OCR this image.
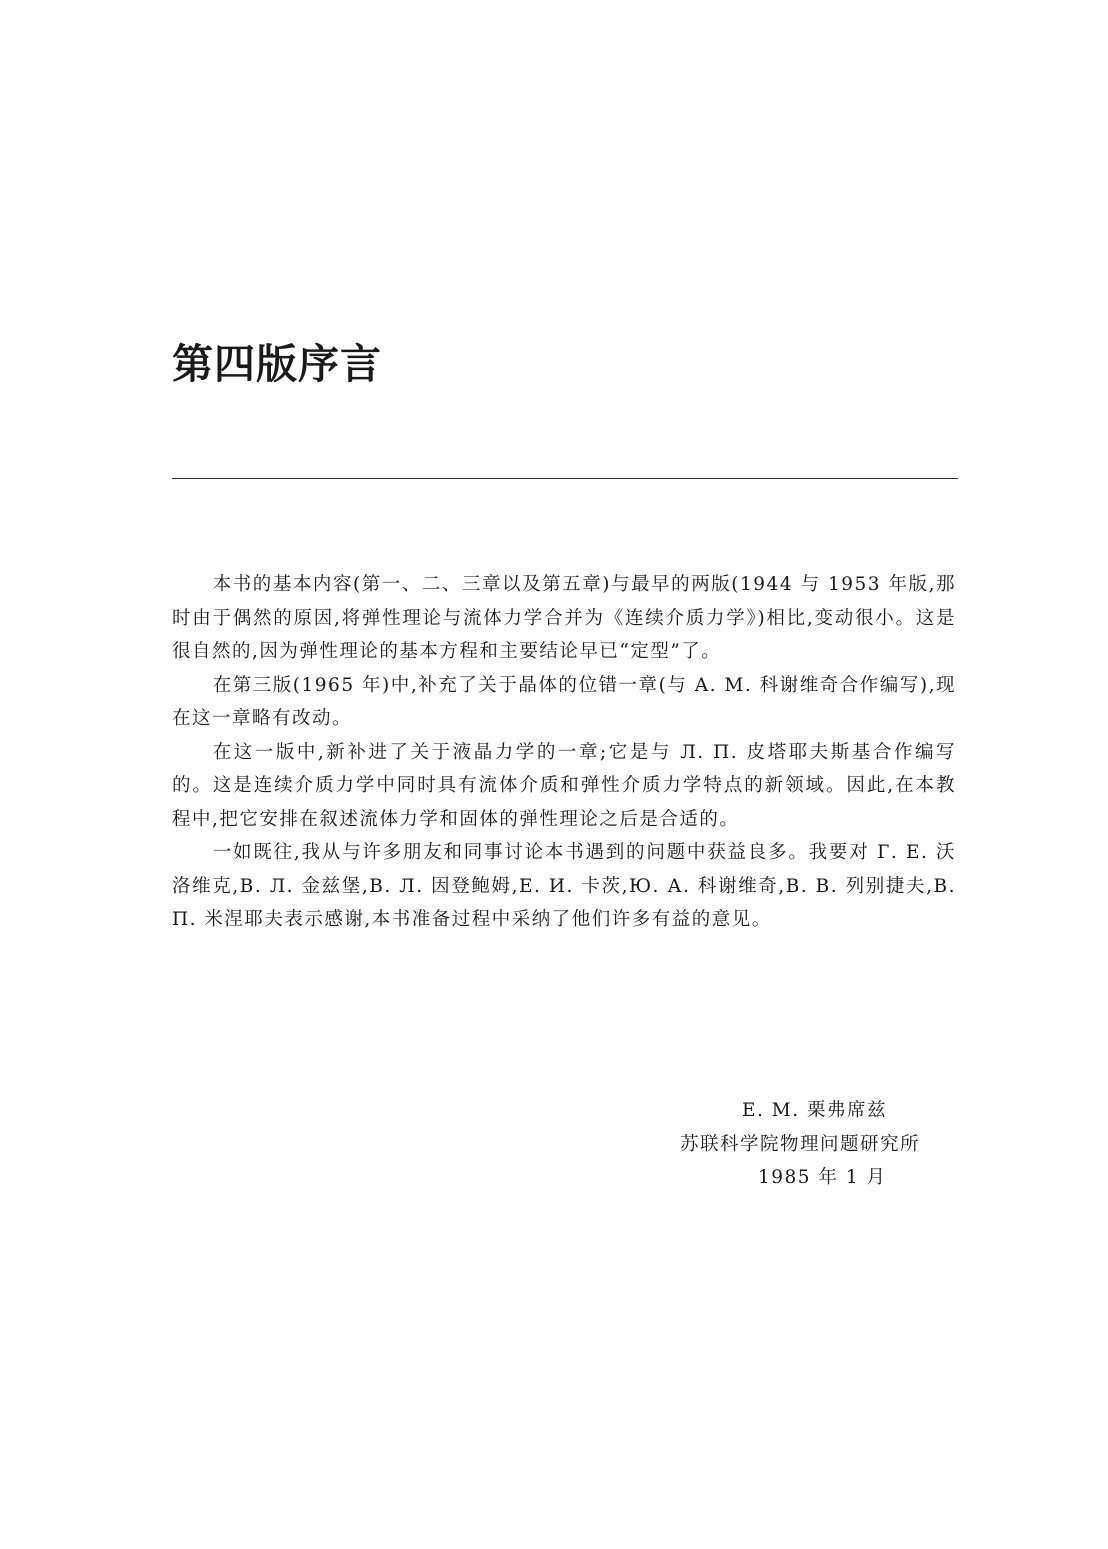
第四版序言

本书的基本内容(第一、二、三章以及第五章)与最早的两版(1944 与 1953 年版,那时由于偶然的原因,将弹性理论与流体力学合并为《连续介质力学》)相比,变动很小。这是很自然的,因为弹性理论的基本方程和主要结论早已“定型”了。

在第三版(1965 年)中,补充了关于晶体的位错一章(与 A. M. 科谢维奇合作编写),现在这一章略有改动。

在这一版中,新补进了关于液晶力学的一章;它是与 Л. П. 皮塔耶夫斯基合作编写的。这是连续介质力学中同时具有流体介质和弹性介质力学特点的新领域。因此,在本教程中,把它安排在叙述流体力学和固体的弹性理论之后是合适的。

一如既往,我从与许多朋友和同事讨论本书遇到的问题中获益良多。我要对 Г. Е. 沃洛维克,В. Л. 金兹堡,В. Л. 因登鲍姆,Е. И. 卡茨,Ю. А. 科谢维奇,В. В. 列别捷夫,В. П. 米涅耶夫表示感谢,本书准备过程中采纳了他们许多有益的意见。

E. M. 栗弗席兹
苏联科学院物理问题研究所
1985 年 1 月
